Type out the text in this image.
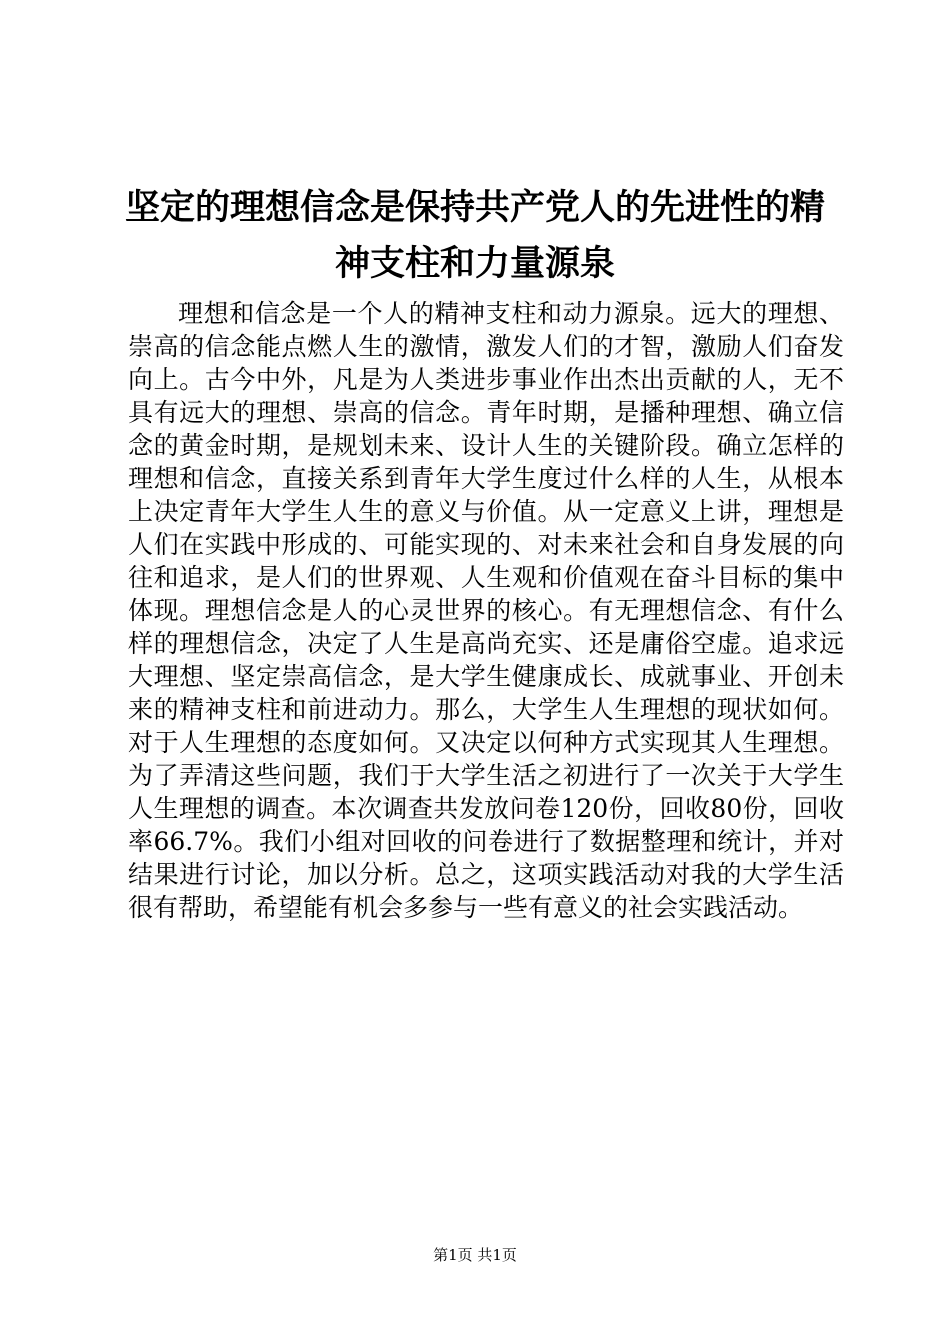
坚定的理想信念是保持共产党人的先进性的精神支柱和力量源泉

理想和信念是一个人的精神支柱和动力源泉。远大的理想、崇高的信念能点燃人生的激情，激发人们的才智，激励人们奋发向上。古今中外，凡是为人类进步事业作出杰出贡献的人，无不具有远大的理想、崇高的信念。青年时期，是播种理想、确立信念的黄金时期，是规划未来、设计人生的关键阶段。确立怎样的理想和信念，直接关系到青年大学生度过什么样的人生，从根本上决定青年大学生人生的意义与价值。从一定意义上讲，理想是人们在实践中形成的、可能实现的、对未来社会和自身发展的向往和追求，是人们的世界观、人生观和价值观在奋斗目标的集中体现。理想信念是人的心灵世界的核心。有无理想信念、有什么样的理想信念，决定了人生是高尚充实、还是庸俗空虚。追求远大理想、坚定崇高信念，是大学生健康成长、成就事业、开创未来的精神支柱和前进动力。那么，大学生人生理想的现状如何。对于人生理想的态度如何。又决定以何种方式实现其人生理想。为了弄清这些问题，我们于大学生活之初进行了一次关于大学生人生理想的调查。本次调查共发放问卷120份，回收80份，回收率66.7%。我们小组对回收的问卷进行了数据整理和统计，并对结果进行讨论，加以分析。总之，这项实践活动对我的大学生活很有帮助，希望能有机会多参与一些有意义的社会实践活动。

第1页 共1页
